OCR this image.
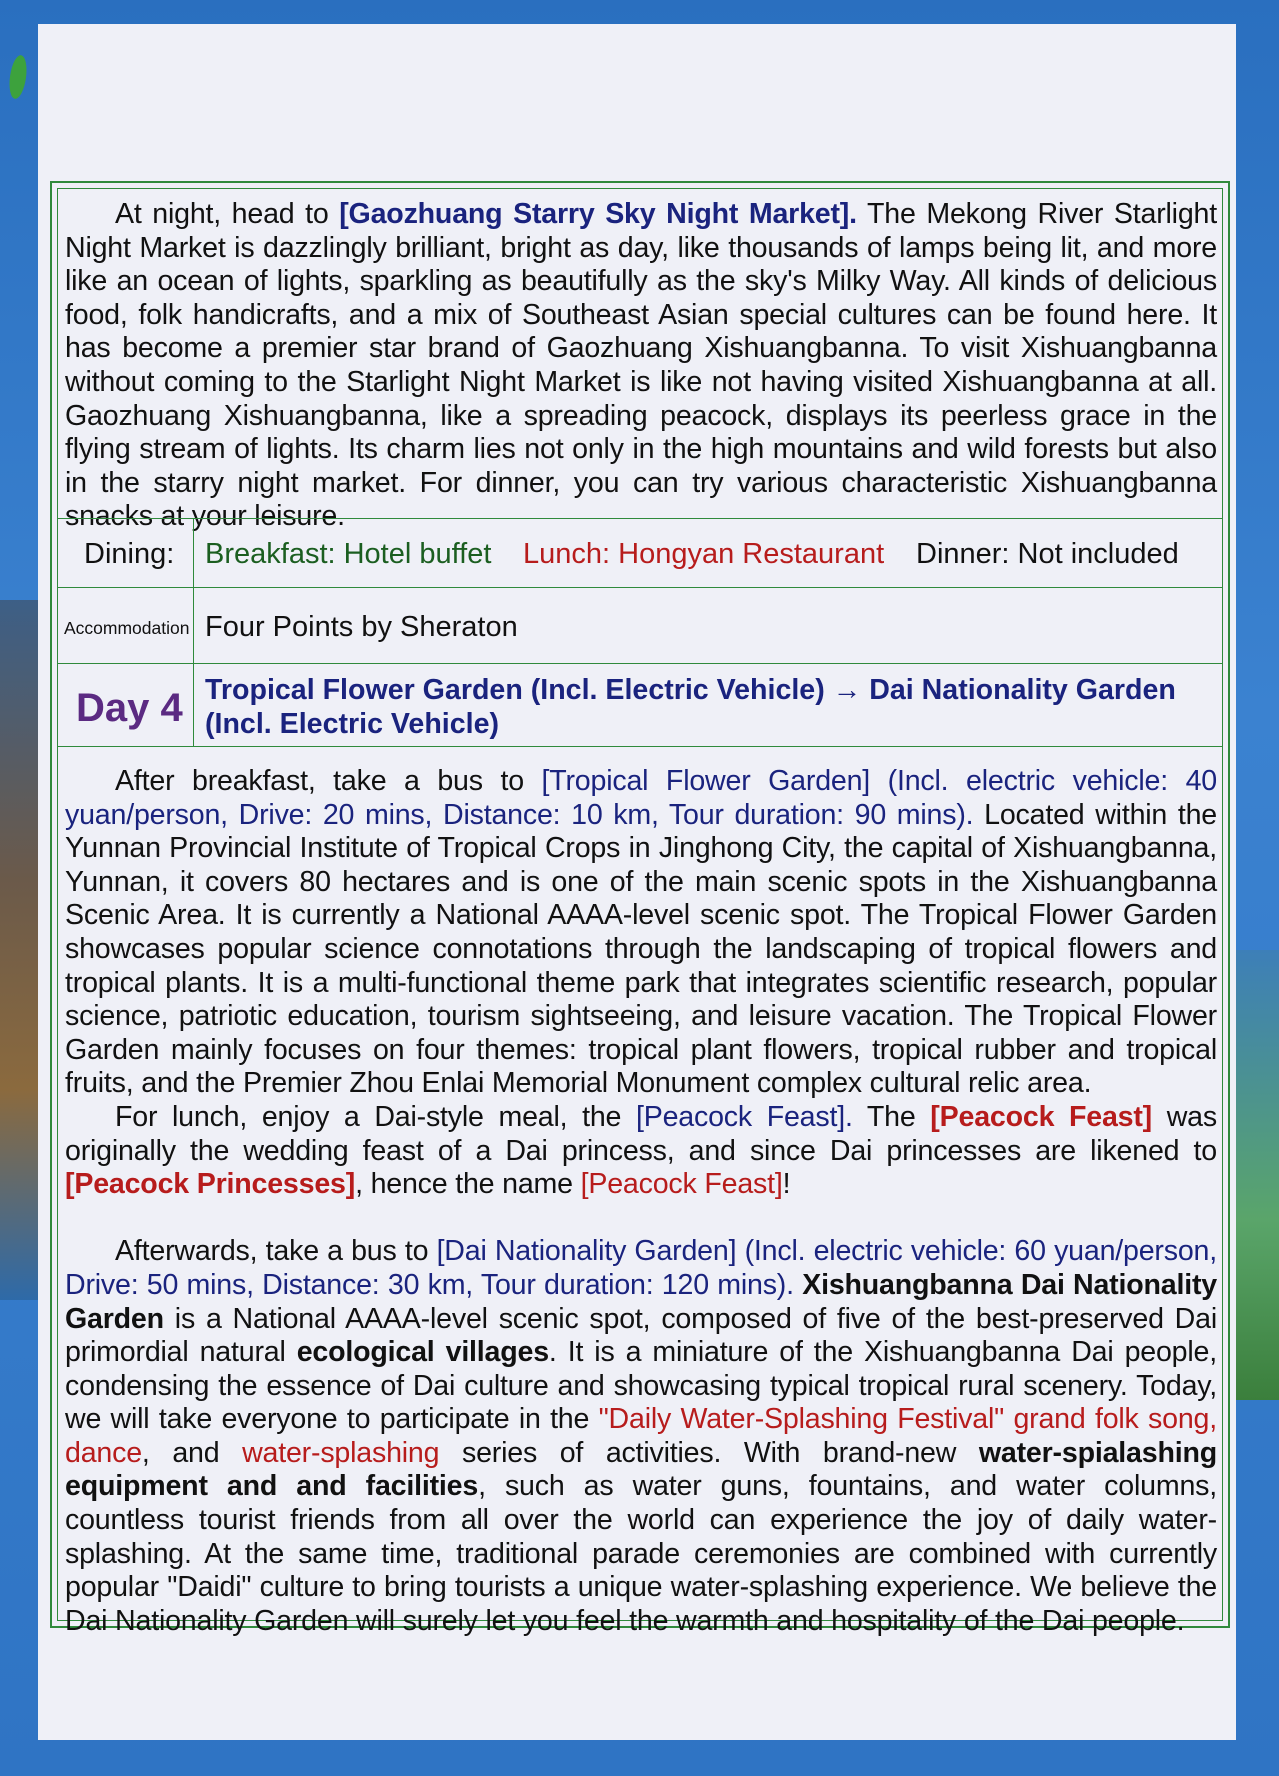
At night, head to [Gaozhuang Starry Sky Night Market]. The Mekong River Starlight Night Market is dazzlingly brilliant, bright as day, like thousands of lamps being lit, and more like an ocean of lights, sparkling as beautifully as the sky's Milky Way. All kinds of delicious food, folk handicrafts, and a mix of Southeast Asian special cultures can be found here. It has become a premier star brand of Gaozhuang Xishuangbanna. To visit Xishuangbanna without coming to the Starlight Night Market is like not having visited Xishuangbanna at all. Gaozhuang Xishuangbanna, like a spreading peacock, displays its peerless grace in the flying stream of lights. Its charm lies not only in the high mountains and wild forests but also in the starry night market. For dinner, you can try various characteristic Xishuangbanna snacks at your leisure.

Dining: Breakfast: Hotel buffet Lunch: Hongyan Restaurant Dinner: Not included
Accommodation Four Points by Sheraton
Day 4 Tropical Flower Garden (Incl. Electric Vehicle) → Dai Nationality Garden (Incl. Electric Vehicle)

After breakfast, take a bus to [Tropical Flower Garden] (Incl. electric vehicle: 40 yuan/person, Drive: 20 mins, Distance: 10 km, Tour duration: 90 mins). Located within the Yunnan Provincial Institute of Tropical Crops in Jinghong City, the capital of Xishuangbanna, Yunnan, it covers 80 hectares and is one of the main scenic spots in the Xishuangbanna Scenic Area. It is currently a National AAAA-level scenic spot. The Tropical Flower Garden showcases popular science connotations through the landscaping of tropical flowers and tropical plants. It is a multi-functional theme park that integrates scientific research, popular science, patriotic education, tourism sightseeing, and leisure vacation. The Tropical Flower Garden mainly focuses on four themes: tropical plant flowers, tropical rubber and tropical fruits, and the Premier Zhou Enlai Memorial Monument complex cultural relic area.

For lunch, enjoy a Dai-style meal, the [Peacock Feast]. The [Peacock Feast] was originally the wedding feast of a Dai princess, and since Dai princesses are likened to [Peacock Princesses], hence the name [Peacock Feast]!

Afterwards, take a bus to [Dai Nationality Garden] (Incl. electric vehicle: 60 yuan/person, Drive: 50 mins, Distance: 30 km, Tour duration: 120 mins). Xishuangbanna Dai Nationality Garden is a National AAAA-level scenic spot, composed of five of the best-preserved Dai primordial natural ecological villages. It is a miniature of the Xishuangbanna Dai people, condensing the essence of Dai culture and showcasing typical tropical rural scenery. Today, we will take everyone to participate in the "Daily Water-Splashing Festival" grand folk song, dance, and water-splashing series of activities. With brand-new water-spialashing equipment and and facilities, such as water guns, fountains, and water columns, countless tourist friends from all over the world can experience the joy of daily water-splashing. At the same time, traditional parade ceremonies are combined with currently popular "Daidi" culture to bring tourists a unique water-splashing experience. We believe the Dai Nationality Garden will surely let you feel the warmth and hospitality of the Dai people.
